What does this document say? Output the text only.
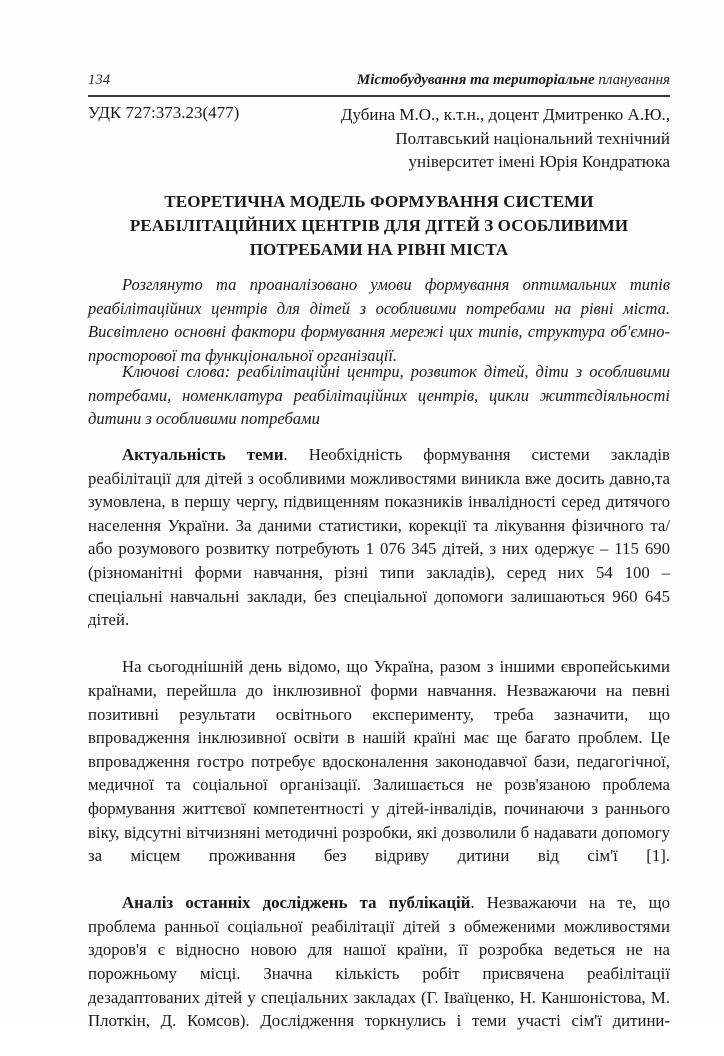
134	Містобудування та територіальне планування
УДК 727:373.23(477)	Дубина М.О., к.т.н., доцент Дмитренко А.Ю.,
Полтавський національний технічний
університет імені Юрія Кондратюка
ТЕОРЕТИЧНА МОДЕЛЬ ФОРМУВАННЯ СИСТЕМИ
РЕАБІЛІТАЦІЙНИХ ЦЕНТРІВ ДЛЯ ДІТЕЙ З ОСОБЛИВИМИ
ПОТРЕБАМИ НА РІВНІ МІСТА
Розглянуто та проаналізовано умови формування оптимальних типів реабілітаційних центрів для дітей з особливими потребами на рівні міста. Висвітлено основні фактори формування мережі цих типів, структура об'ємно-просторової та функціональної організації.
Ключові слова: реабілітаційні центри, розвиток дітей, діти з особливими потребами, номенклатура реабілітаційних центрів, цикли життєдіяльності дитини з особливими потребами

Актуальність теми. Необхідність формування системи закладів реабілітації для дітей з особливими можливостями виникла вже досить давно,та зумовлена, в першу чергу, підвищенням показників інвалідності серед дитячого населення України. За даними статистики, корекції та лікування фізичного та/або розумового розвитку потребують 1 076 345 дітей, з них одержує – 115 690 (різноманітні форми навчання, різні типи закладів), серед них 54 100 – спеціальні навчальні заклади, без спеціальної допомоги залишаються 960 645 дітей.

На сьогоднішній день відомо, що Україна, разом з іншими європейськими країнами, перейшла до інклюзивної форми навчання. Незважаючи на певні позитивні результати освітнього експерименту, треба зазначити, що впровадження інклюзивної освіти в нашій країні має ще багато проблем. Це впровадження гостро потребує вдосконалення законодавчої бази, педагогічної, медичної та соціальної організації. Залишається не розв'язаною проблема формування життєвої компетентності у дітей-інвалідів, починаючи з раннього віку, відсутні вітчизняні методичні розробки, які дозволили б надавати допомогу за місцем проживання без відриву дитини від сім'ї [1].

Аналіз останніх досліджень та публікацій. Незважаючи на те, що проблема ранньої соціальної реабілітації дітей з обмеженими можливостями здоров'я є відносно новою для нашої країни, її розробка ведеться не на порожньому місці. Значна кількість робіт присвячена реабілітації дезадаптованих дітей у спеціальних закладах (Г. Іваїценко, Н. Каншоністова, М. Плоткін, Д. Комсов). Дослідження торкнулись і теми участі сім'ї дитини-
